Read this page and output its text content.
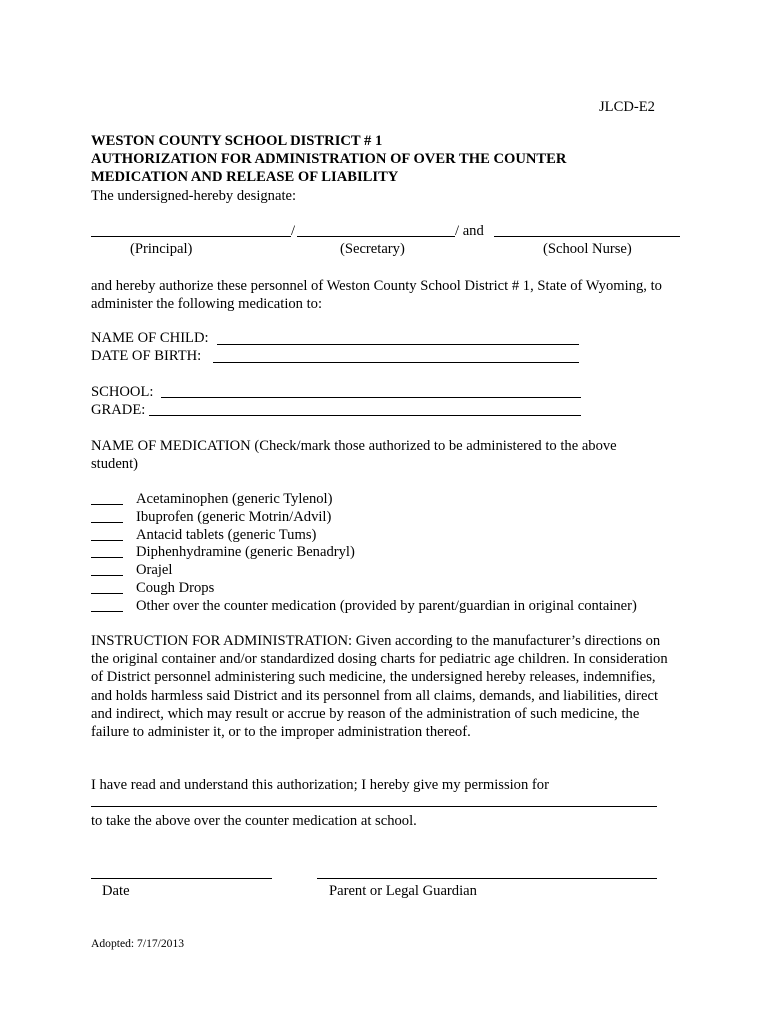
JLCD-E2
WESTON COUNTY SCHOOL DISTRICT # 1
AUTHORIZATION FOR ADMINISTRATION OF OVER THE COUNTER
MEDICATION AND RELEASE OF LIABILITY
The undersigned-hereby designate:
/	/ and
(Principal)	(Secretary)	(School Nurse)
and hereby authorize these personnel of Weston County School District # 1, State of Wyoming, to administer the following medication to:
NAME OF CHILD:
DATE OF BIRTH:
SCHOOL:
GRADE:
NAME OF MEDICATION (Check/mark those authorized to be administered to the above student)
Acetaminophen (generic Tylenol)
Ibuprofen (generic Motrin/Advil)
Antacid tablets (generic Tums)
Diphenhydramine (generic Benadryl)
Orajel
Cough Drops
Other over the counter medication (provided by parent/guardian in original container)
INSTRUCTION FOR ADMINISTRATION: Given according to the manufacturer’s directions on the original container and/or standardized dosing charts for pediatric age children. In consideration of District personnel administering such medicine, the undersigned hereby releases, indemnifies, and holds harmless said District and its personnel from all claims, demands, and liabilities, direct and indirect, which may result or accrue by reason of the administration of such medicine, the failure to administer it, or to the improper administration thereof.
I have read and understand this authorization; I hereby give my permission for
to take the above over the counter medication at school.
Date	Parent or Legal Guardian
Adopted: 7/17/2013
